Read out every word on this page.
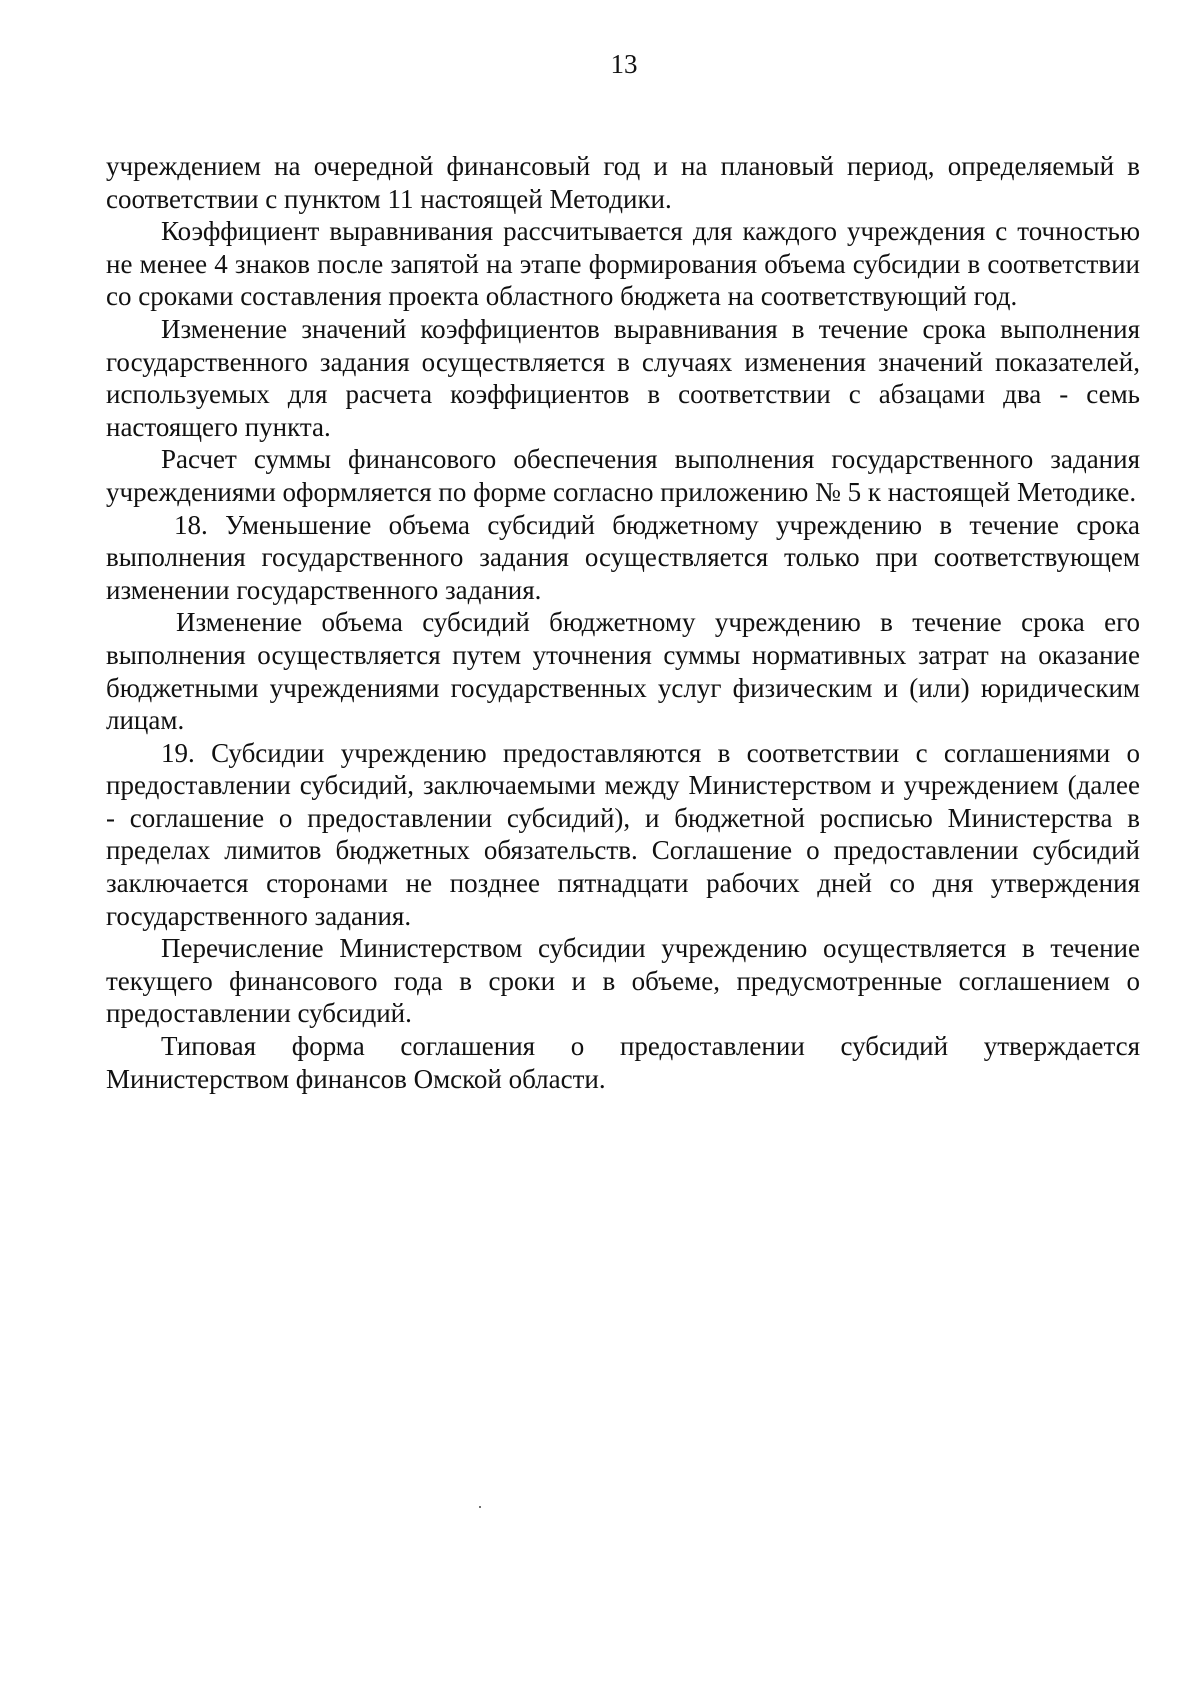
13

учреждением на очередной финансовый год и на плановый период, определяемый в соответствии с пунктом 11 настоящей Методики.

Коэффициент выравнивания рассчитывается для каждого учреждения с точностью не менее 4 знаков после запятой на этапе формирования объема субсидии в соответствии со сроками составления проекта областного бюджета на соответствующий год.

Изменение значений коэффициентов выравнивания в течение срока выполнения государственного задания осуществляется в случаях изменения значений показателей, используемых для расчета коэффициентов в соответствии с абзацами два - семь настоящего пункта.

Расчет суммы финансового обеспечения выполнения государственного задания учреждениями оформляется по форме согласно приложению № 5 к настоящей Методике.

18. Уменьшение объема субсидий бюджетному учреждению в течение срока выполнения государственного задания осуществляется только при соответствующем изменении государственного задания.

Изменение объема субсидий бюджетному учреждению в течение срока его выполнения осуществляется путем уточнения суммы нормативных затрат на оказание бюджетными учреждениями государственных услуг физическим и (или) юридическим лицам.

19. Субсидии учреждению предоставляются в соответствии с соглашениями о предоставлении субсидий, заключаемыми между Министерством и учреждением (далее - соглашение о предоставлении субсидий), и бюджетной росписью Министерства в пределах лимитов бюджетных обязательств. Соглашение о предоставлении субсидий заключается сторонами не позднее пятнадцати рабочих дней со дня утверждения государственного задания.

Перечисление Министерством субсидии учреждению осуществляется в течение текущего финансового года в сроки и в объеме, предусмотренные соглашением о предоставлении субсидий.

Типовая форма соглашения о предоставлении субсидий утверждается Министерством финансов Омской области.
